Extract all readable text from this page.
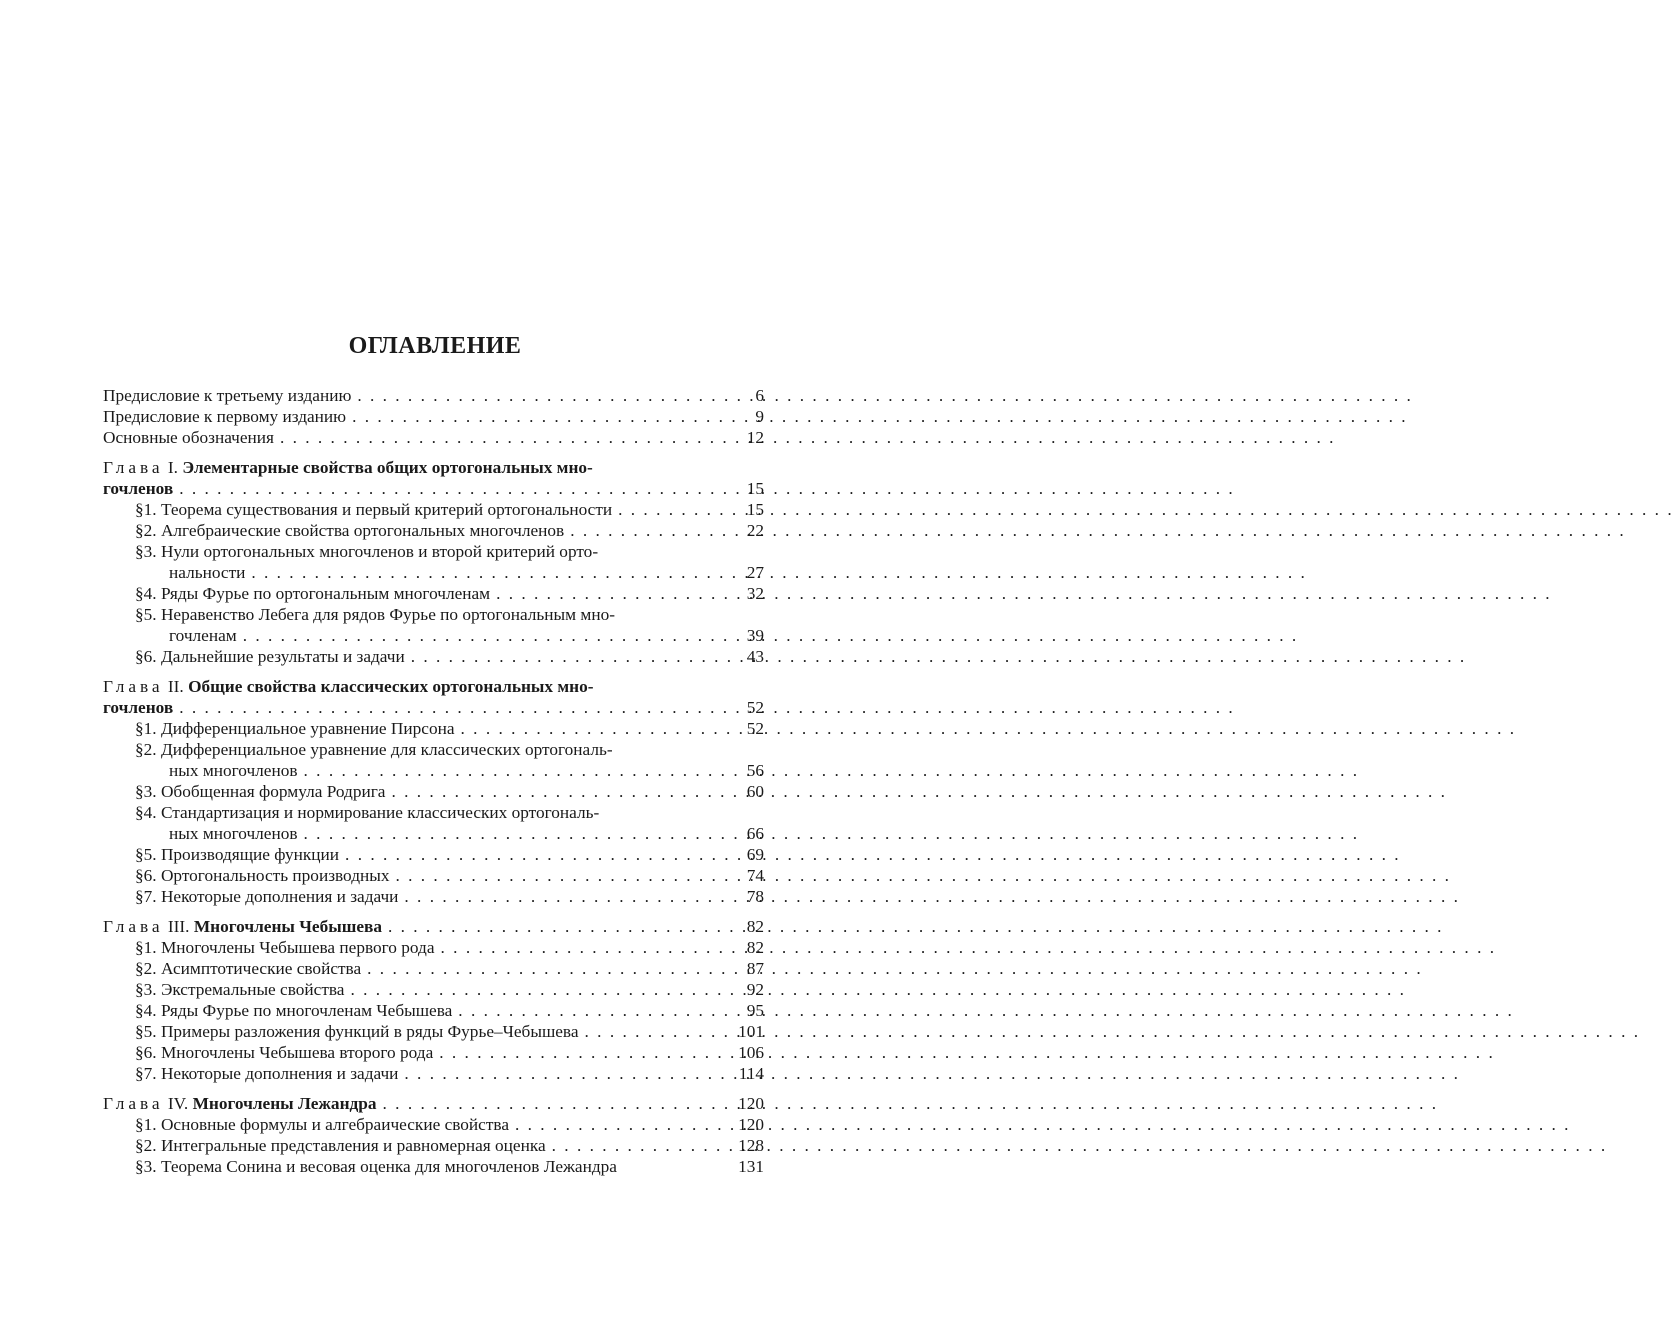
ОГЛАВЛЕНИЕ
Предисловие к третьему изданию . . .	6
Предисловие к первому изданию . . .	9
Основные обозначения . . .	12
Глава I. Элементарные свойства общих ортогональных мно-
гочленов . . .	15
§1. Теорема существования и первый критерий ортогональности . . .	15
§2. Алгебраические свойства ортогональных многочленов . . .	22
§3. Нули ортогональных многочленов и второй критерий орто-
нальности . . .	27
§4. Ряды Фурье по ортогональным многочленам . . .	32
§5. Неравенство Лебега для рядов Фурье по ортогональным мно-
гочленам . . .	39
§6. Дальнейшие результаты и задачи . . .	43
Глава II. Общие свойства классических ортогональных мно-
гочленов . . .	52
§1. Дифференциальное уравнение Пирсона . . .	52
§2. Дифференциальное уравнение для классических ортогональ-
ных многочленов . . .	56
§3. Обобщенная формула Родрига . . .	60
§4. Стандартизация и нормирование классических ортогональ-
ных многочленов . . .	66
§5. Производящие функции . . .	69
§6. Ортогональность производных . . .	74
§7. Некоторые дополнения и задачи . . .	78
Глава III. Многочлены Чебышева . . .	82
§1. Многочлены Чебышева первого рода . . .	82
§2. Асимптотические свойства . . .	87
§3. Экстремальные свойства . . .	92
§4. Ряды Фурье по многочленам Чебышева . . .	95
§5. Примеры разложения функций в ряды Фурье–Чебышева . . .	101
§6. Многочлены Чебышева второго рода . . .	106
§7. Некоторые дополнения и задачи . . .	114
Глава IV. Многочлены Лежандра . . .	120
§1. Основные формулы и алгебраические свойства . . .	120
§2. Интегральные представления и равномерная оценка . . .	128
§3. Теорема Сонина и весовая оценка для многочленов Лежандра	131
